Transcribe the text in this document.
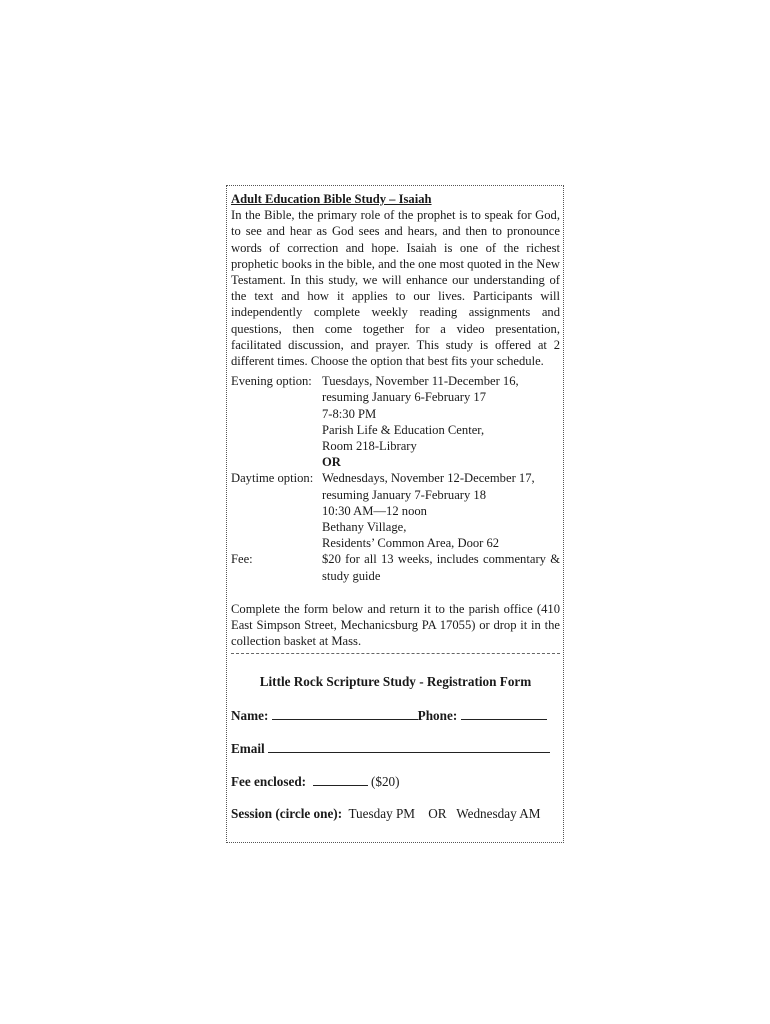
Adult Education Bible Study – Isaiah

In the Bible, the primary role of the prophet is to speak for God, to see and hear as God sees and hears, and then to pronounce words of correction and hope. Isaiah is one of the richest prophetic books in the bible, and the one most quoted in the New Testament. In this study, we will enhance our understanding of the text and how it applies to our lives. Participants will independently complete weekly reading assignments and questions, then come together for a video presentation, facilitated discussion, and prayer. This study is offered at 2 different times. Choose the option that best fits your schedule.

Evening option: Tuesdays, November 11-December 16,
resuming January 6-February 17
7-8:30 PM
Parish Life & Education Center,
Room 218-Library
OR
Daytime option: Wednesdays, November 12-December 17,
resuming January 7-February 18
10:30 AM—12 noon
Bethany Village,
Residents’ Common Area, Door 62
Fee:	$20 for all 13 weeks, includes commentary & study guide

Complete the form below and return it to the parish office (410 East Simpson Street, Mechanicsburg PA 17055) or drop it in the collection basket at Mass.

Little Rock Scripture Study - Registration Form

Name:	Phone:
Email
Fee enclosed:	($20)
Session (circle one): Tuesday PM OR Wednesday AM
